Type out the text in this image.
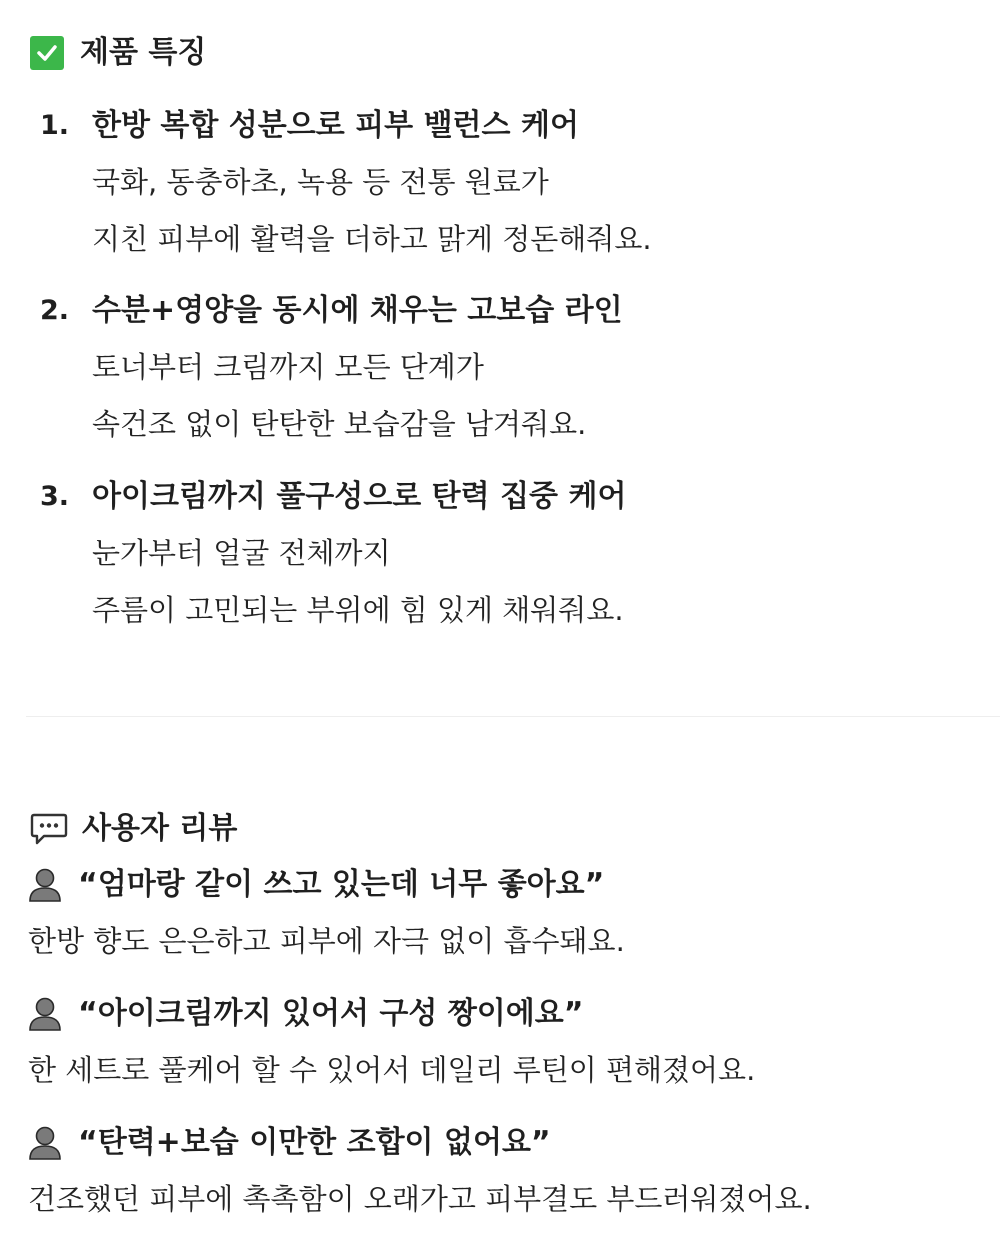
제품 특징
1. 한방 복합 성분으로 피부 밸런스 케어
국화, 동충하초, 녹용 등 전통 원료가
지친 피부에 활력을 더하고 맑게 정돈해줘요.
2. 수분+영양을 동시에 채우는 고보습 라인
토너부터 크림까지 모든 단계가
속건조 없이 탄탄한 보습감을 남겨줘요.
3. 아이크림까지 풀구성으로 탄력 집중 케어
눈가부터 얼굴 전체까지
주름이 고민되는 부위에 힘 있게 채워줘요.
사용자 리뷰
“엄마랑 같이 쓰고 있는데 너무 좋아요”
한방 향도 은은하고 피부에 자극 없이 흡수돼요.
“아이크림까지 있어서 구성 짱이에요”
한 세트로 풀케어 할 수 있어서 데일리 루틴이 편해졌어요.
“탄력+보습 이만한 조합이 없어요”
건조했던 피부에 촉촉함이 오래가고 피부결도 부드러워졌어요.
